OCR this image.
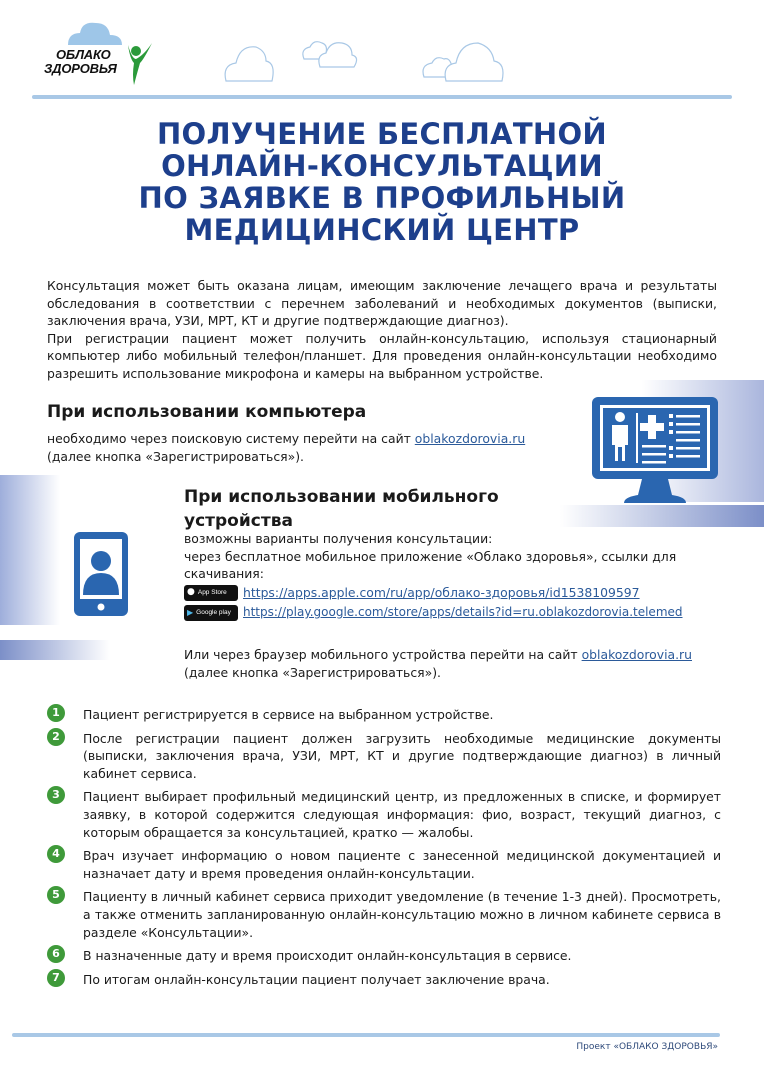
ОБЛАКО
ЗДОРОВЬЯ
ПОЛУЧЕНИЕ БЕСПЛАТНОЙ
ОНЛАЙН-КОНСУЛЬТАЦИИ
ПО ЗАЯВКЕ В ПРОФИЛЬНЫЙ
МЕДИЦИНСКИЙ ЦЕНТР

Консультация может быть оказана лицам, имеющим заключение лечащего врача и результаты обследования в соответствии с перечнем заболеваний и необходимых документов (выписки, заключения врача, УЗИ, МРТ, КТ и другие подтверждающие диагноз).

При регистрации пациент может получить онлайн-консультацию, используя стационарный компьютер либо мобильный телефон/планшет. Для проведения онлайн-консультации необходимо разрешить использование микрофона и камеры на выбранном устройстве.

При использовании компьютера
необходимо через поисковую систему перейти на сайт oblakozdorovia.ru
(далее кнопка «Зарегистрироваться»).
При использовании мобильного устройства

возможны варианты получения консультации:

через бесплатное мобильное приложение «Облако здоровья», ссылки для скачивания:

● App Store https://apps.apple.com/ru/app/облако-здоровья/id1538109597
▶ Google play https://play.google.com/store/apps/details?id=ru.oblakozdorovia.telemed

Или через браузер мобильного устройства перейти на сайт oblakozdorovia.ru

(далее кнопка «Зарегистрироваться»).

1	Пациент регистрируется в сервисе на выбранном устройстве.
2	После регистрации пациент должен загрузить необходимые медицинские документы (выписки, заключения врача, УЗИ, МРТ, КТ и другие подтверждающие диагноз) в личный кабинет сервиса.
3	Пациент выбирает профильный медицинский центр, из предложенных в списке, и формирует заявку, в которой содержится следующая информация: фио, возраст, текущий диагноз, с которым обращается за консультацией, кратко — жалобы.
4	Врач изучает информацию о новом пациенте с занесенной медицинской документацией и назначает дату и время проведения онлайн-консультации.
5	Пациенту в личный кабинет сервиса приходит уведомление (в течение 1-3 дней). Просмотреть, а также отменить запланированную онлайн-консультацию можно в личном кабинете сервиса в разделе «Консультации».
6	В назначенные дату и время происходит онлайн-консультация в сервисе.
7	По итогам онлайн-консультации пациент получает заключение врача.
Проект «ОБЛАКО ЗДОРОВЬЯ»
